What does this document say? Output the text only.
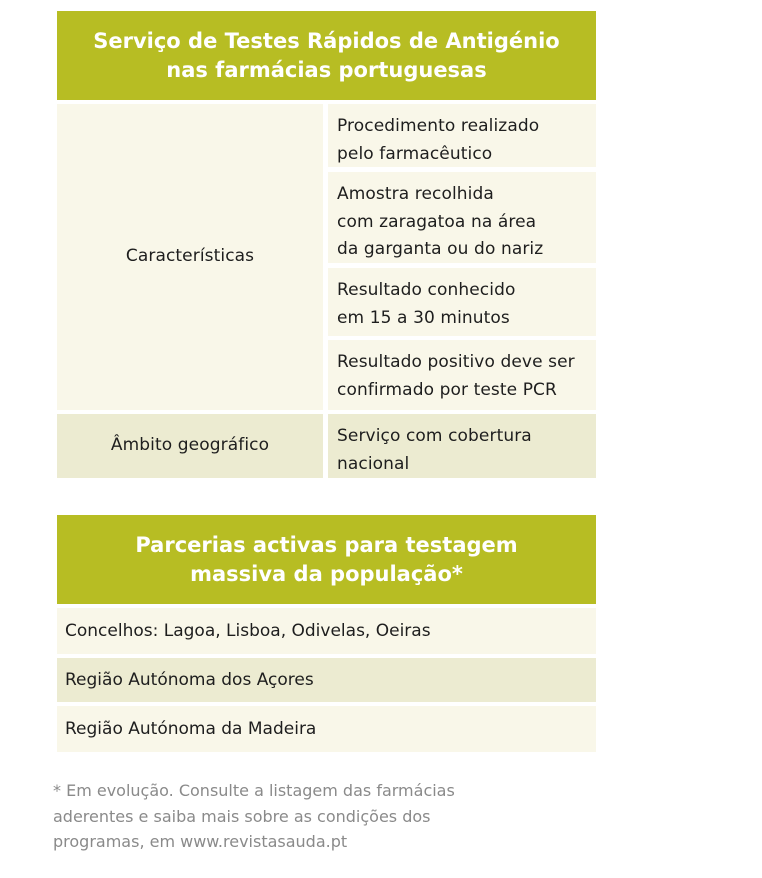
Serviço de Testes Rápidos de Antigénio
nas farmácias portuguesas
Características
Âmbito geográfico
Procedimento realizado
pelo farmacêutico
Amostra recolhida
com zaragatoa na área
da garganta ou do nariz
Resultado conhecido
em 15 a 30 minutos
Resultado positivo deve ser
confirmado por teste PCR
Serviço com cobertura
nacional
Parcerias activas para testagem
massiva da população*
Concelhos: Lagoa, Lisboa, Odivelas, Oeiras
Região Autónoma dos Açores
Região Autónoma da Madeira
* Em evolução. Consulte a listagem das farmácias
aderentes e saiba mais sobre as condições dos
programas, em www.revistasauda.pt
